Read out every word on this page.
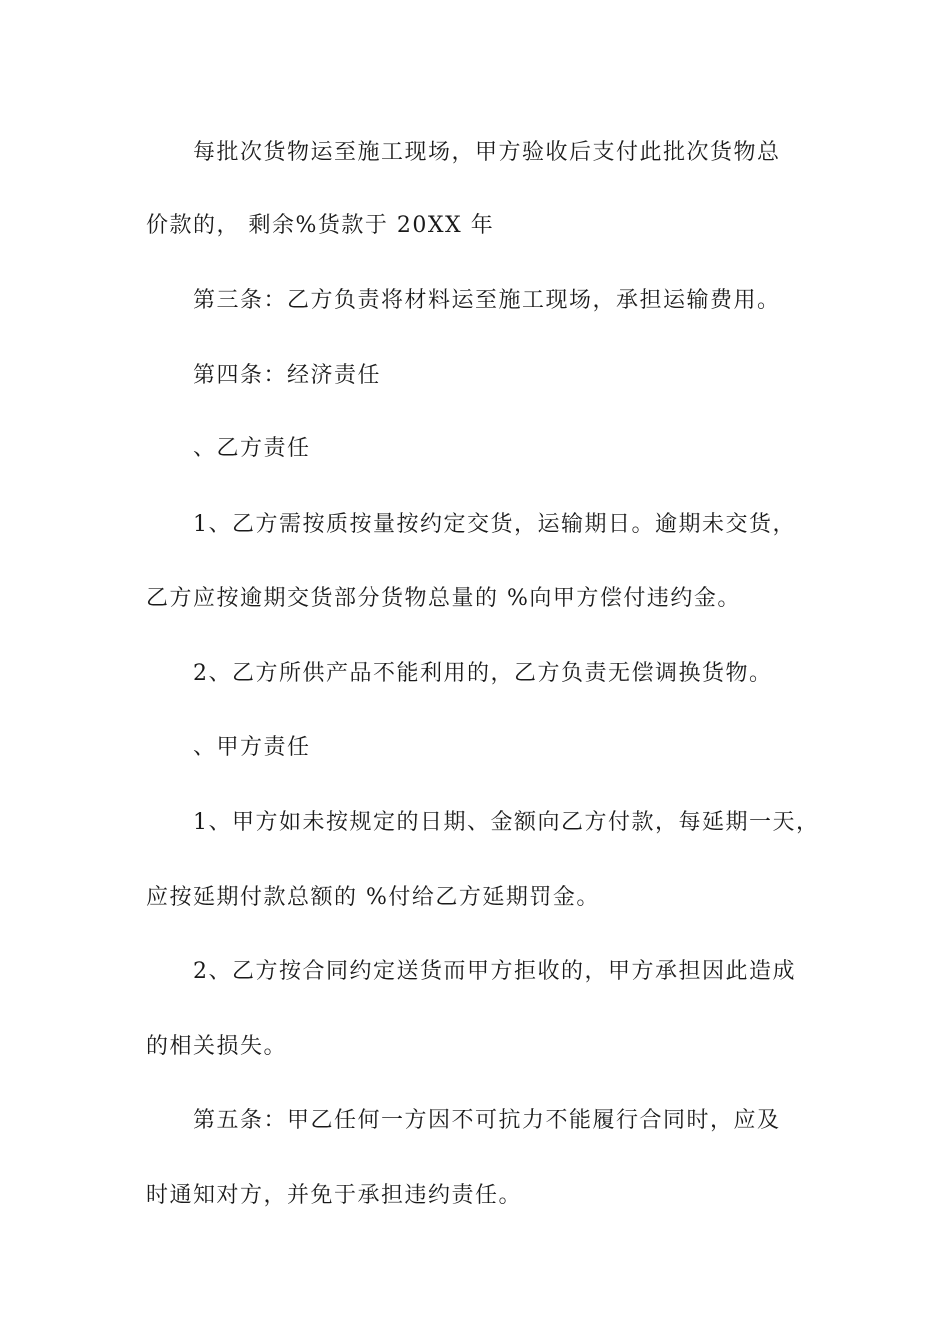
每批次货物运至施工现场，甲方验收后支付此批次货物总
价款的， 剩余%货款于 20XX 年
第三条：乙方负责将材料运至施工现场，承担运输费用。
第四条：经济责任
、乙方责任
1、乙方需按质按量按约定交货，运输期日。逾期未交货，
乙方应按逾期交货部分货物总量的 %向甲方偿付违约金。
2、乙方所供产品不能利用的，乙方负责无偿调换货物。
、甲方责任
1、甲方如未按规定的日期、金额向乙方付款，每延期一天，
应按延期付款总额的 %付给乙方延期罚金。
2、乙方按合同约定送货而甲方拒收的，甲方承担因此造成
的相关损失。
第五条：甲乙任何一方因不可抗力不能履行合同时，应及
时通知对方，并免于承担违约责任。
